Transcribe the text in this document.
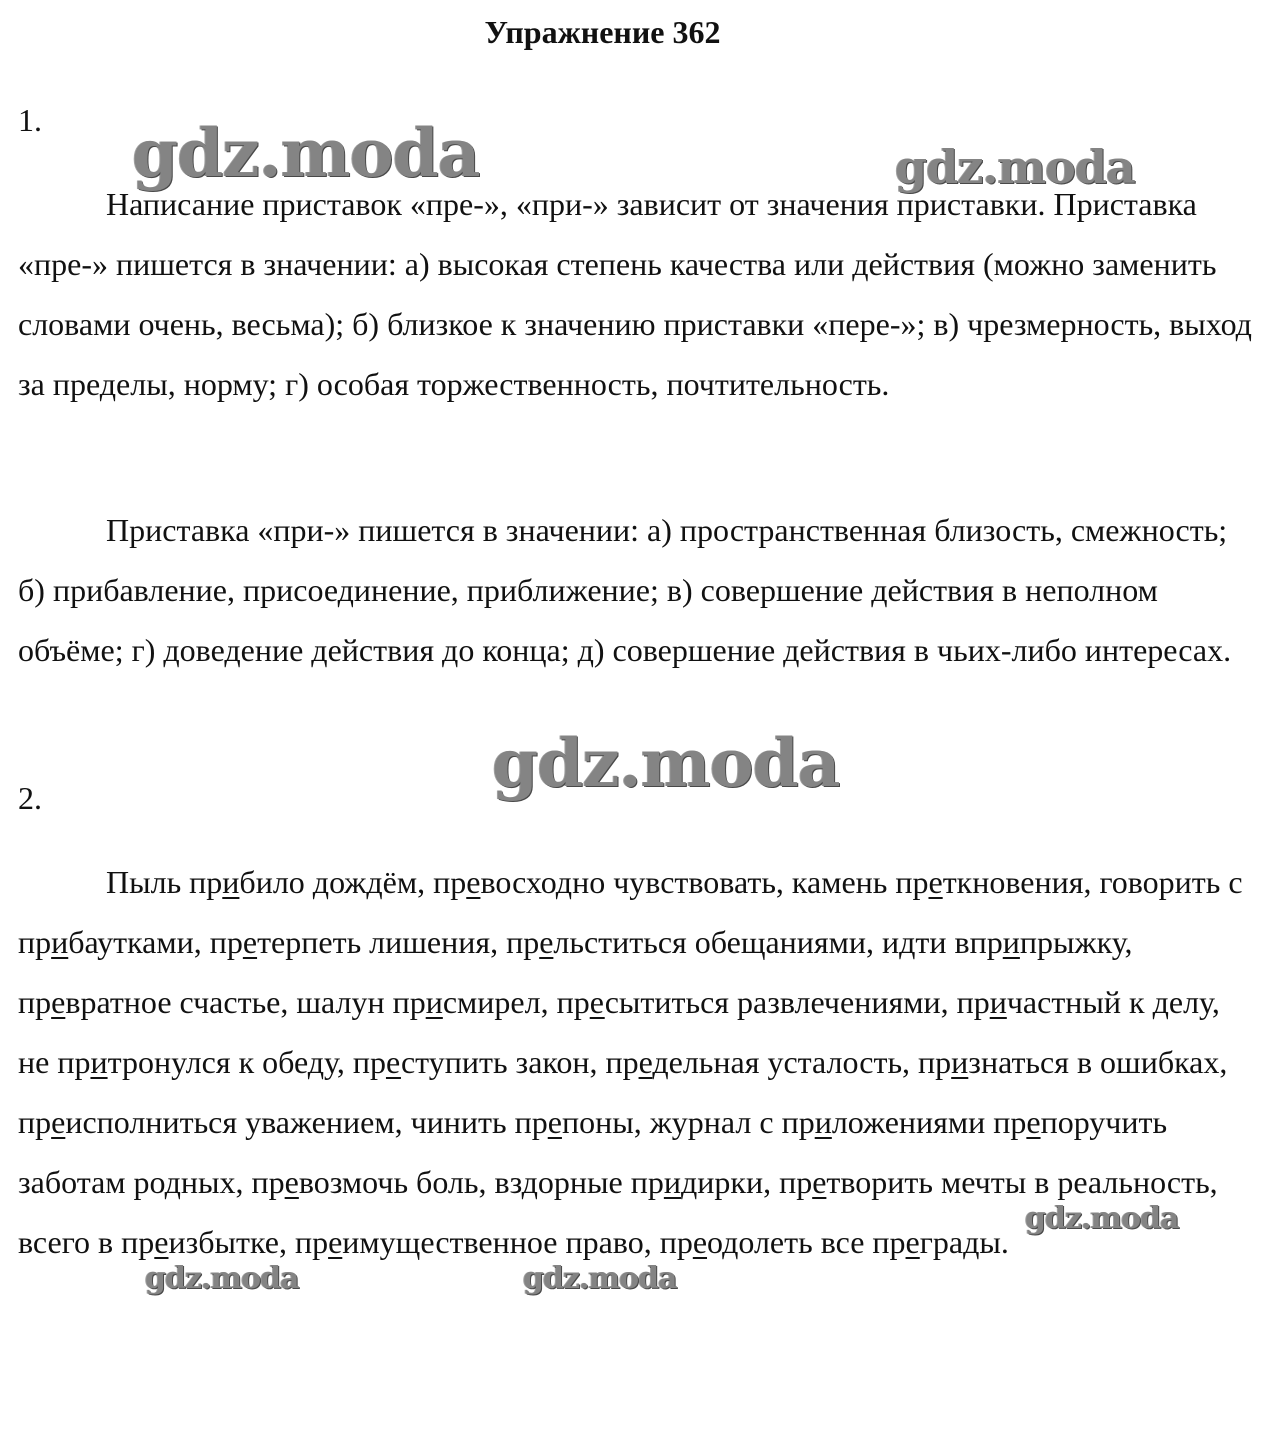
Упражнение 362
1.

Написание приставок «пре-», «при-» зависит от значения приставки. Приставка «пре-» пишется в значении: а) высокая степень качества или действия (можно заменить словами очень, весьма); б) близкое к значению приставки «пере-»; в) чрезмерность, выход за пределы, норму; г) особая торжественность, почтительность.

Приставка «при-» пишется в значении: а) пространственная близость, смежность; б) прибавление, присоединение, приближение; в) совершение действия в неполном объёме; г) доведение действия до конца; д) совершение действия в чьих-либо интересах.

2.

Пыль прибило дождём, превосходно чувствовать, камень преткновения, говорить с прибаутками, претерпеть лишения, прельститься обещаниями, идти вприпрыжку, превратное счастье, шалун присмирел, пресытиться развлечениями, причастный к делу, не притронулся к обеду, преступить закон, предельная усталость, признаться в ошибках, преисполниться уважением, чинить препоны, журнал с приложениями препоручить заботам родных, превозмочь боль, вздорные придирки, претворить мечты в реальность, всего в преизбытке, преимущественное право, преодолеть все преграды.

gdz.moda	gdz.moda
gdz.moda
gdz.moda
gdz.moda	gdz.moda
